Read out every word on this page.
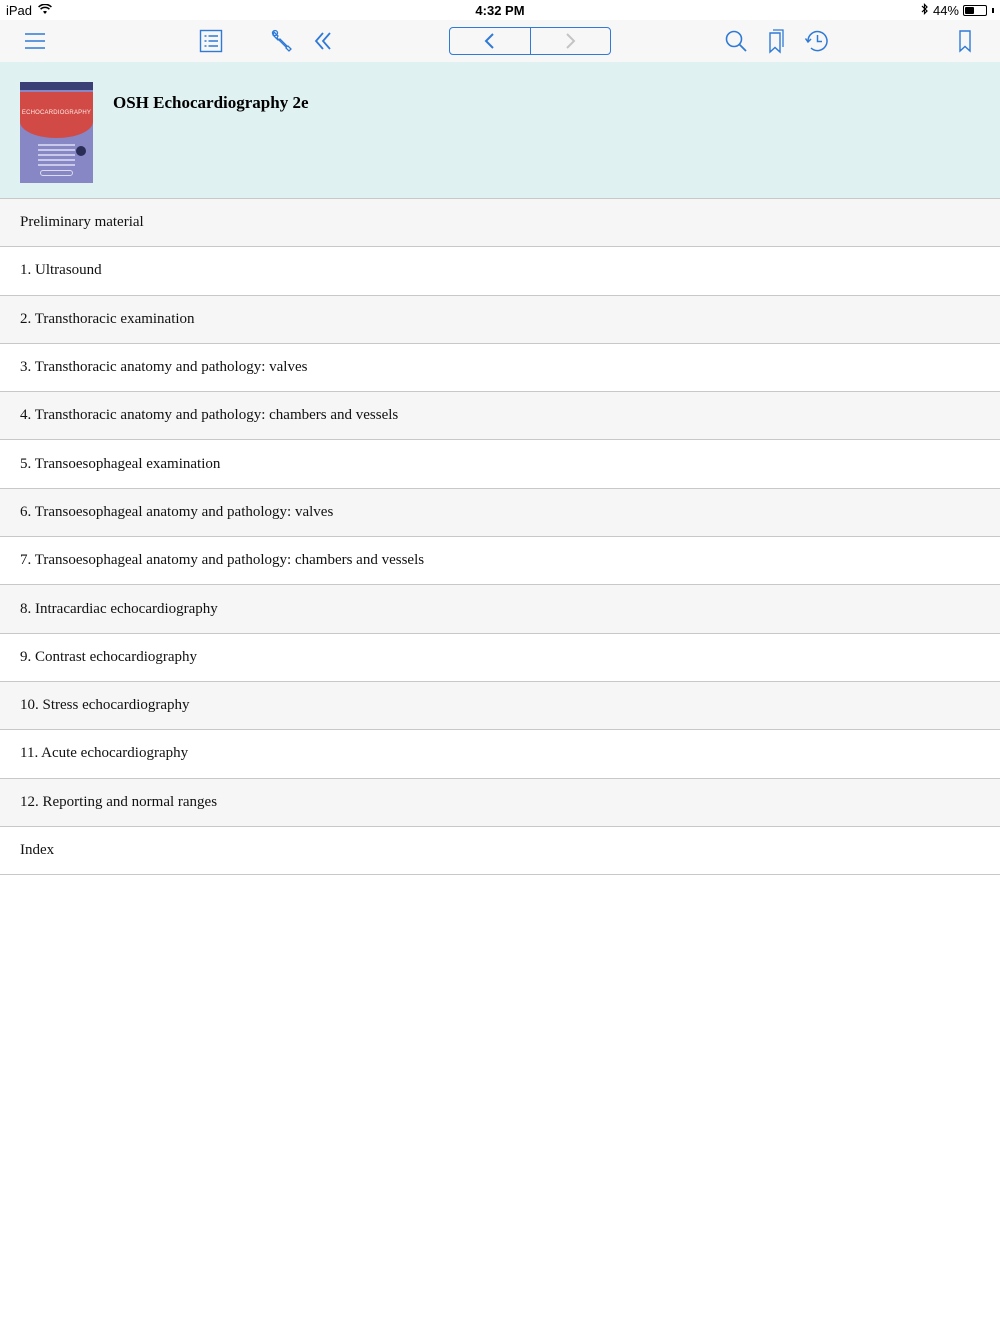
iPad	4:32 PM	44%
ECHOCARDIOGRAPHY
OSH Echocardiography 2e
Preliminary material
1. Ultrasound
2. Transthoracic examination
3. Transthoracic anatomy and pathology: valves
4. Transthoracic anatomy and pathology: chambers and vessels
5. Transoesophageal examination
6. Transoesophageal anatomy and pathology: valves
7. Transoesophageal anatomy and pathology: chambers and vessels
8. Intracardiac echocardiography
9. Contrast echocardiography
10. Stress echocardiography
11. Acute echocardiography
12. Reporting and normal ranges
Index
